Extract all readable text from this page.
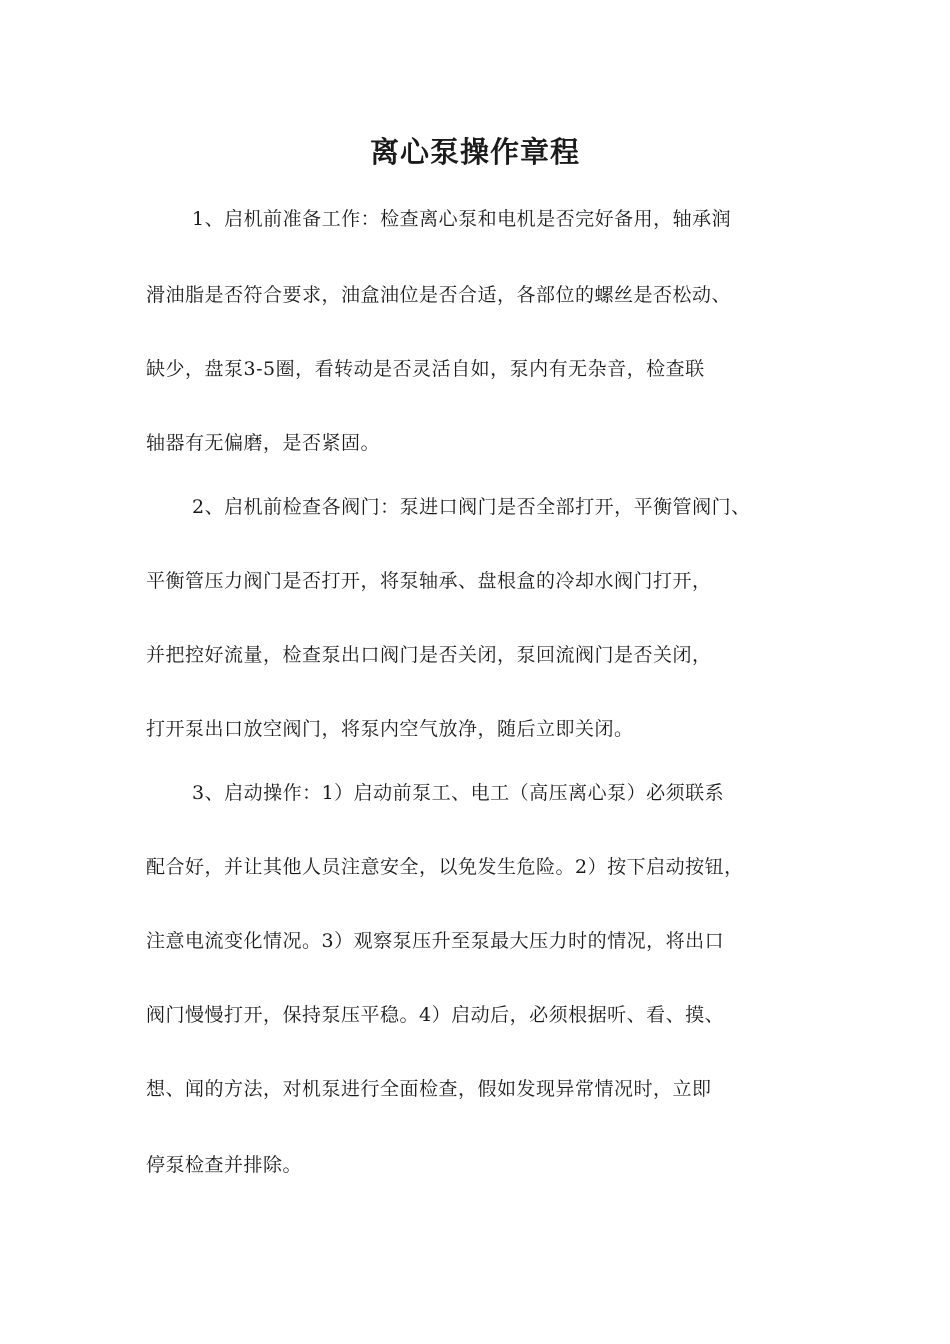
离心泵操作章程
1、启机前准备工作：检查离心泵和电机是否完好备用，轴承润
滑油脂是否符合要求，油盒油位是否合适，各部位的螺丝是否松动、
缺少，盘泵3-5圈，看转动是否灵活自如，泵内有无杂音，检查联
轴器有无偏磨，是否紧固。
2、启机前检查各阀门：泵进口阀门是否全部打开，平衡管阀门、
平衡管压力阀门是否打开，将泵轴承、盘根盒的冷却水阀门打开，
并把控好流量，检查泵出口阀门是否关闭，泵回流阀门是否关闭，
打开泵出口放空阀门，将泵内空气放净，随后立即关闭。
3、启动操作：1）启动前泵工、电工（高压离心泵）必须联系
配合好，并让其他人员注意安全，以免发生危险。2）按下启动按钮，
注意电流变化情况。3）观察泵压升至泵最大压力时的情况，将出口
阀门慢慢打开，保持泵压平稳。4）启动后，必须根据听、看、摸、
想、闻的方法，对机泵进行全面检查，假如发现异常情况时，立即
停泵检查并排除。
